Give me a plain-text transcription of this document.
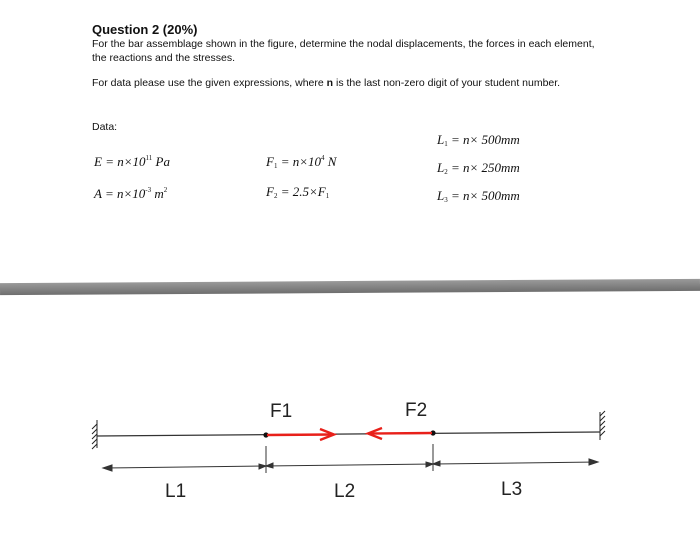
Question 2 (20%)
For the bar assemblage shown in the figure, determine the nodal displacements, the forces in each element, the reactions and the stresses.
For data please use the given expressions, where n is the last non-zero digit of your student number.
Data:
$E = n\times 10^{11}$ Pa
$A = n\times 10^{-3}$ $m^2$
$F_1 = n\times 10^4$ N
$F_2 = 2.5\times F_1$
$L_1 = n\times 500mm$
$L_2 = n\times 250mm$
$L_3 = n\times 500mm$
F1	F2
L1	L2	L3
